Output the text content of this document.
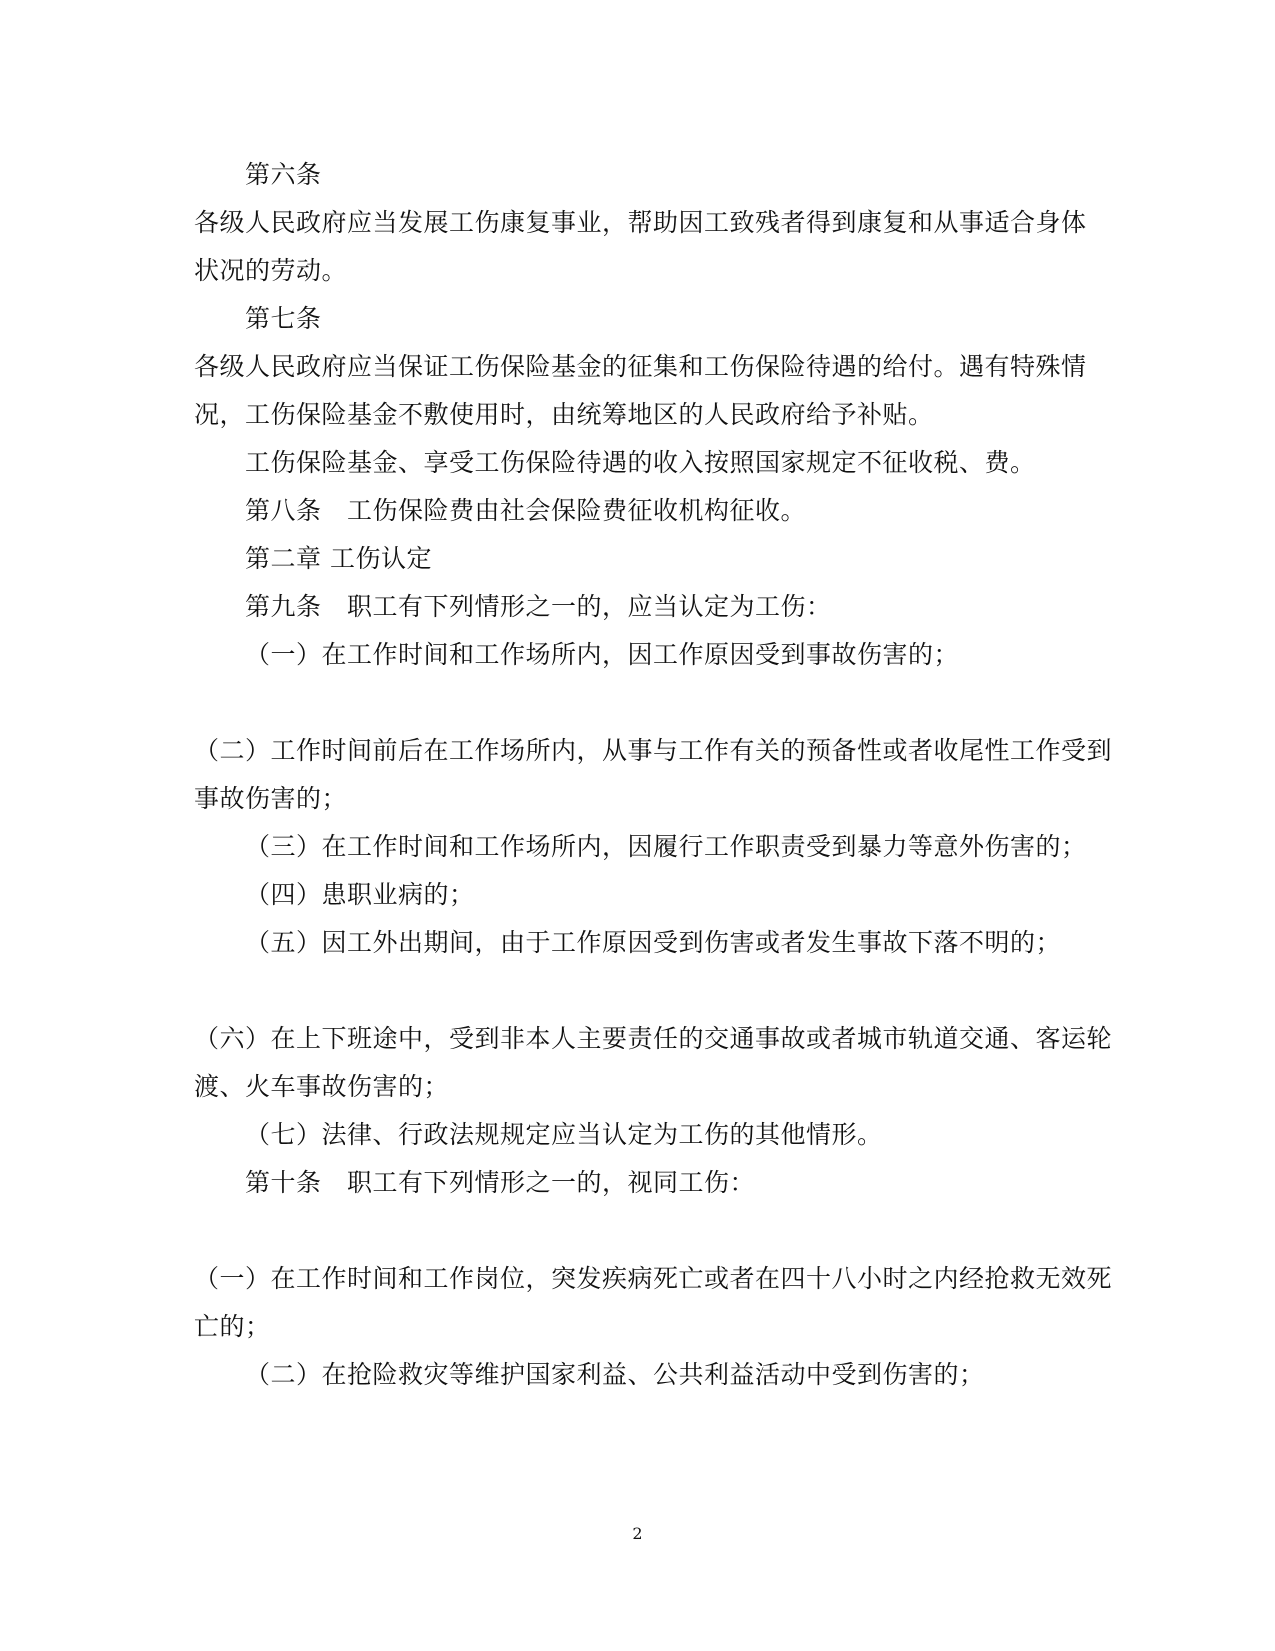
第六条
各级人民政府应当发展工伤康复事业，帮助因工致残者得到康复和从事适合身体
状况的劳动。
第七条
各级人民政府应当保证工伤保险基金的征集和工伤保险待遇的给付。遇有特殊情
况，工伤保险基金不敷使用时，由统筹地区的人民政府给予补贴。
工伤保险基金、享受工伤保险待遇的收入按照国家规定不征收税、费。
第八条　工伤保险费由社会保险费征收机构征收。
第二章 工伤认定
第九条　职工有下列情形之一的，应当认定为工伤：
（一）在工作时间和工作场所内，因工作原因受到事故伤害的；
（二）工作时间前后在工作场所内，从事与工作有关的预备性或者收尾性工作受到
事故伤害的；
（三）在工作时间和工作场所内，因履行工作职责受到暴力等意外伤害的；
（四）患职业病的；
（五）因工外出期间，由于工作原因受到伤害或者发生事故下落不明的；
（六）在上下班途中，受到非本人主要责任的交通事故或者城市轨道交通、客运轮
渡、火车事故伤害的；
（七）法律、行政法规规定应当认定为工伤的其他情形。
第十条　职工有下列情形之一的，视同工伤：
（一）在工作时间和工作岗位，突发疾病死亡或者在四十八小时之内经抢救无效死
亡的；
（二）在抢险救灾等维护国家利益、公共利益活动中受到伤害的；
2
